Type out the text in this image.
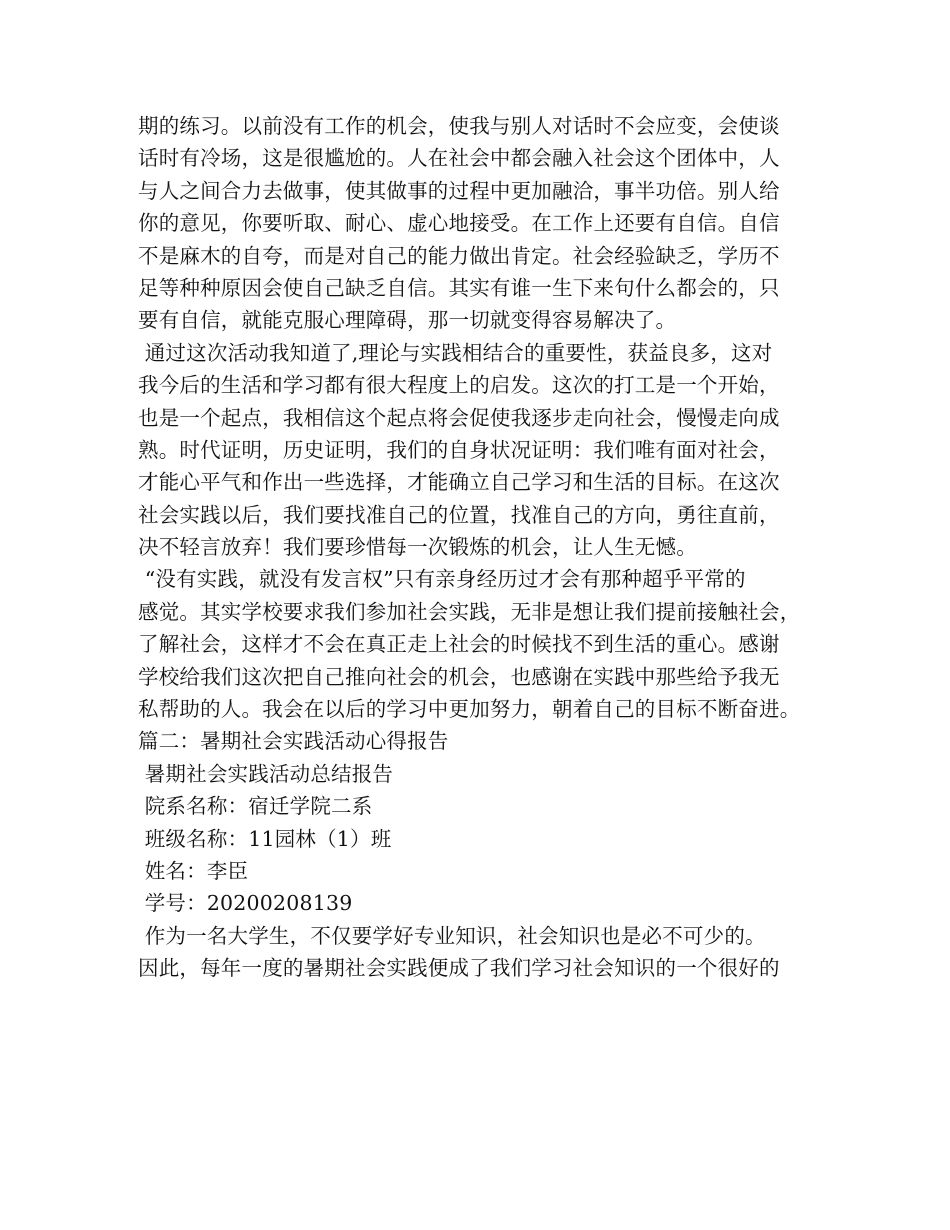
期的练习。以前没有工作的机会，使我与别人对话时不会应变，会使谈
话时有冷场，这是很尴尬的。人在社会中都会融入社会这个团体中，人
与人之间合力去做事，使其做事的过程中更加融洽，事半功倍。别人给
你的意见，你要听取、耐心、虚心地接受。在工作上还要有自信。自信
不是麻木的自夸，而是对自己的能力做出肯定。社会经验缺乏，学历不
足等种种原因会使自己缺乏自信。其实有谁一生下来句什么都会的，只
要有自信，就能克服心理障碍，那一切就变得容易解决了。
通过这次活动我知道了,理论与实践相结合的重要性，获益良多，这对
我今后的生活和学习都有很大程度上的启发。这次的打工是一个开始，
也是一个起点，我相信这个起点将会促使我逐步走向社会，慢慢走向成
熟。时代证明，历史证明，我们的自身状况证明：我们唯有面对社会，
才能心平气和作出一些选择，才能确立自己学习和生活的目标。在这次
社会实践以后，我们要找准自己的位置，找准自己的方向，勇往直前，
决不轻言放弃！我们要珍惜每一次锻炼的机会，让人生无憾。
“没有实践，就没有发言权”只有亲身经历过才会有那种超乎平常的
感觉。其实学校要求我们参加社会实践，无非是想让我们提前接触社会，
了解社会，这样才不会在真正走上社会的时候找不到生活的重心。感谢
学校给我们这次把自己推向社会的机会，也感谢在实践中那些给予我无
私帮助的人。我会在以后的学习中更加努力，朝着自己的目标不断奋进。
篇二：暑期社会实践活动心得报告
暑期社会实践活动总结报告
院系名称：宿迁学院二系
班级名称：11园林（1）班
姓名：李臣
学号：20200208139
作为一名大学生，不仅要学好专业知识，社会知识也是必不可少的。
因此，每年一度的暑期社会实践便成了我们学习社会知识的一个很好的
